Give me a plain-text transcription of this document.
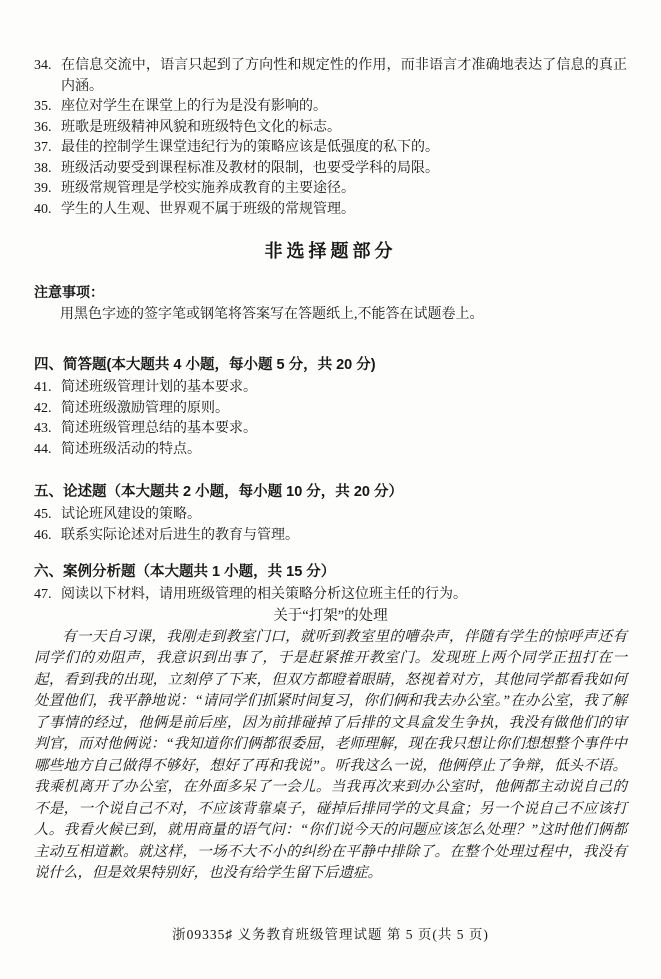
34. 在信息交流中，语言只起到了方向性和规定性的作用，而非语言才准确地表达了信息的真正内涵。
35. 座位对学生在课堂上的行为是没有影响的。
36. 班歌是班级精神风貌和班级特色文化的标志。
37. 最佳的控制学生课堂违纪行为的策略应该是低强度的私下的。
38. 班级活动要受到课程标准及教材的限制，也要受学科的局限。
39. 班级常规管理是学校实施养成教育的主要途径。
40. 学生的人生观、世界观不属于班级的常规管理。
非选择题部分
注意事项：
用黑色字迹的签字笔或钢笔将答案写在答题纸上,不能答在试题卷上。
四、简答题(本大题共 4 小题，每小题 5 分，共 20 分)
41. 简述班级管理计划的基本要求。
42. 简述班级激励管理的原则。
43. 简述班级管理总结的基本要求。
44. 简述班级活动的特点。
五、论述题（本大题共 2 小题，每小题 10 分，共 20 分）
45. 试论班风建设的策略。
46. 联系实际论述对后进生的教育与管理。
六、案例分析题（本大题共 1 小题，共 15 分）
47. 阅读以下材料，请用班级管理的相关策略分析这位班主任的行为。
关于“打架”的处理

有一天自习课，我刚走到教室门口，就听到教室里的嘈杂声，伴随有学生的惊呼声还有同学们的劝阻声，我意识到出事了，于是赶紧推开教室门。发现班上两个同学正扭打在一起，看到我的出现，立刻停了下来，但双方都瞪着眼睛，怒视着对方，其他同学都看我如何处置他们，我平静地说：“请同学们抓紧时间复习，你们俩和我去办公室。”在办公室，我了解了事情的经过，他俩是前后座，因为前排碰掉了后排的文具盒发生争执，我没有做他们的审判官，而对他俩说：“我知道你们俩都很委屈，老师理解，现在我只想让你们想想整个事件中哪些地方自己做得不够好，想好了再和我说”。听我这么一说，他俩停止了争辩，低头不语。我乘机离开了办公室，在外面多呆了一会儿。当我再次来到办公室时，他俩都主动说自己的不是，一个说自己不对，不应该背靠桌子，碰掉后排同学的文具盒；另一个说自己不应该打人。我看火候已到，就用商量的语气问：“你们说今天的问题应该怎么处理？”这时他们俩都主动互相道歉。就这样，一场不大不小的纠纷在平静中排除了。在整个处理过程中，我没有说什么，但是效果特别好，也没有给学生留下后遗症。

浙09335♯ 义务教育班级管理试题 第 5 页(共 5 页)
